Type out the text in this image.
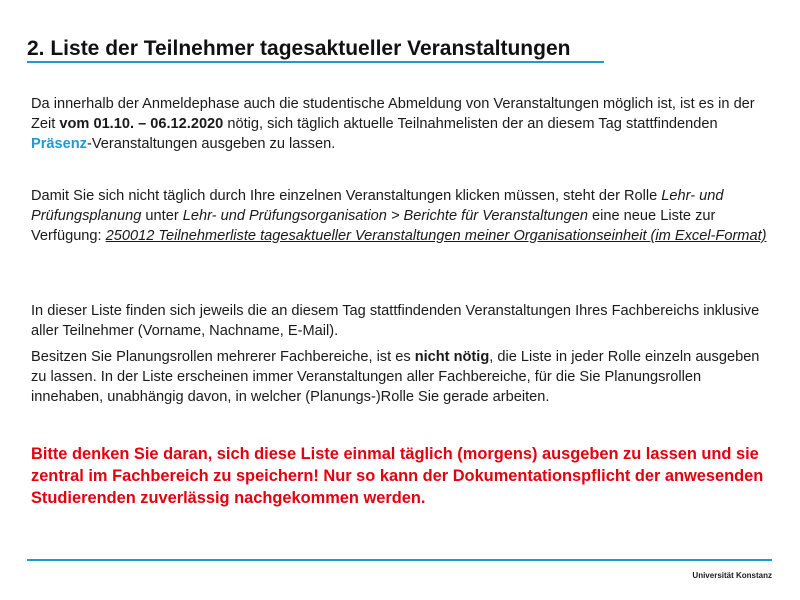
2. Liste der Teilnehmer tagesaktueller Veranstaltungen

Da innerhalb der Anmeldephase auch die studentische Abmeldung von Veranstaltungen möglich ist, ist es in der Zeit vom 01.10. – 06.12.2020 nötig, sich täglich aktuelle Teilnahmelisten der an diesem Tag stattfindenden Präsenz-Veranstaltungen ausgeben zu lassen.

Damit Sie sich nicht täglich durch Ihre einzelnen Veranstaltungen klicken müssen, steht der Rolle Lehr- und Prüfungsplanung unter Lehr- und Prüfungsorganisation > Berichte für Veranstaltungen eine neue Liste zur Verfügung: 250012 Teilnehmerliste tagesaktueller Veranstaltungen meiner Organisationseinheit (im Excel-Format)

In dieser Liste finden sich jeweils die an diesem Tag stattfindenden Veranstaltungen Ihres Fachbereichs inklusive aller Teilnehmer (Vorname, Nachname, E-Mail).

Besitzen Sie Planungsrollen mehrerer Fachbereiche, ist es nicht nötig, die Liste in jeder Rolle einzeln ausgeben zu lassen. In der Liste erscheinen immer Veranstaltungen aller Fachbereiche, für die Sie Planungsrollen innehaben, unabhängig davon, in welcher (Planungs-)Rolle Sie gerade arbeiten.

Bitte denken Sie daran, sich diese Liste einmal täglich (morgens) ausgeben zu lassen und sie zentral im Fachbereich zu speichern! Nur so kann der Dokumentationspflicht der anwesenden Studierenden zuverlässig nachgekommen werden.

Universität Konstanz
